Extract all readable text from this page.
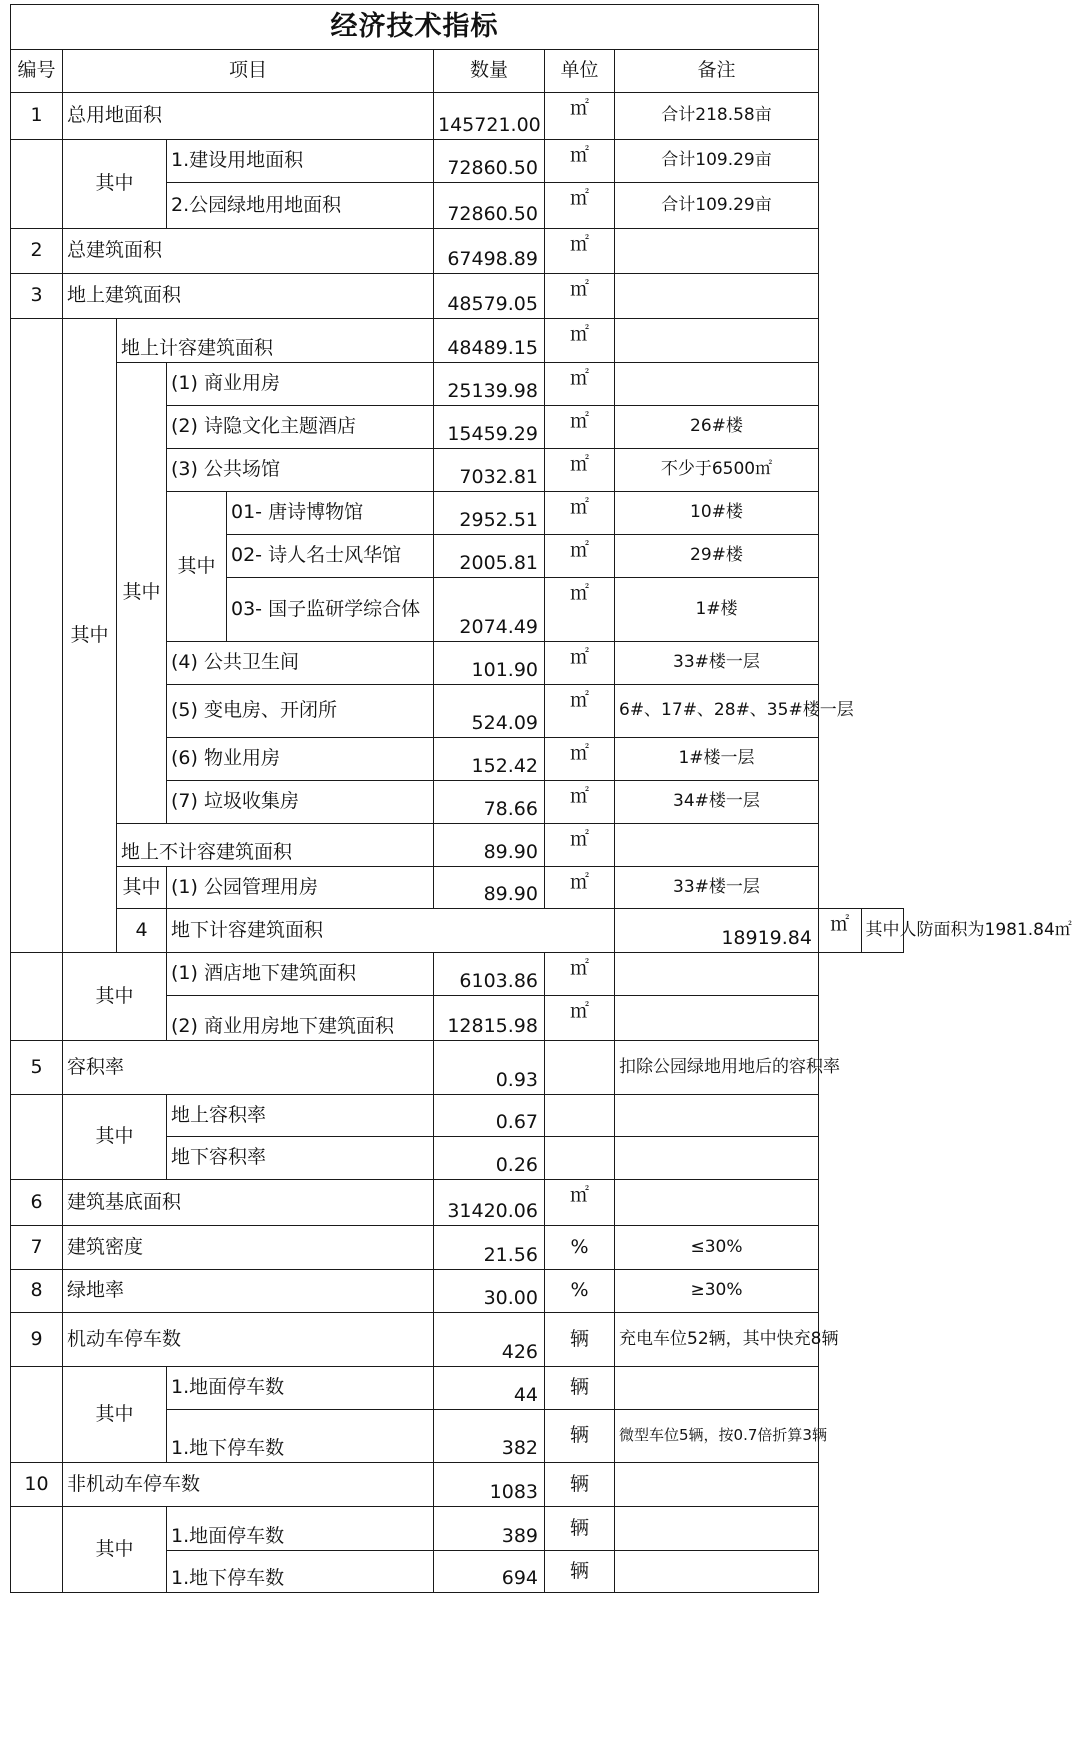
经济技术指标									
编号	项目				数量	单位	备注		
1	总用地面积				145721.00	㎡	合计218.58亩		
	其中		1.建设用地面积		72860.50	㎡	合计109.29亩		
			2.公园绿地用地面积		72860.50	㎡	合计109.29亩		
2	总建筑面积				67498.89	㎡			
3	地上建筑面积				48579.05	㎡			
	其中	地上计容建筑面积			48489.15	㎡			
		其中	(1) 商业用房		25139.98	㎡			
			(2) 诗隐文化主题酒店		15459.29	㎡	26#楼		
			(3) 公共场馆		7032.81	㎡	不少于6500㎡		
			其中	01- 唐诗博物馆	2952.51	㎡	10#楼		
				02- 诗人名士风华馆	2005.81	㎡	29#楼		
				03- 国子监研学综合体	2074.49	㎡	1#楼		
			(4) 公共卫生间		101.90	㎡	33#楼一层		
			(5) 变电房、开闭所		524.09	㎡	6#、17#、28#、35#楼一层		
			(6) 物业用房		152.42	㎡	1#楼一层		
			(7) 垃圾收集房		78.66	㎡	34#楼一层		
		地上不计容建筑面积			89.90	㎡			
		其中	(1) 公园管理用房		89.90	㎡	33#楼一层		
		4	地下计容建筑面积				18919.84	㎡	其中人防面积为1981.84㎡
	其中		(1) 酒店地下建筑面积		6103.86	㎡			
			(2) 商业用房地下建筑面积		12815.98	㎡			
5	容积率				0.93		扣除公园绿地用地后的容积率		
	其中		地上容积率		0.67				
			地下容积率		0.26				
6	建筑基底面积				31420.06	㎡			
7	建筑密度				21.56	%	≤30%		
8	绿地率				30.00	%	≥30%		
9	机动车停车数				426	辆	充电车位52辆，其中快充8辆		
	其中		1.地面停车数		44	辆			
			1.地下停车数		382	辆	微型车位5辆，按0.7倍折算3辆		
10	非机动车停车数				1083	辆			
	其中		1.地面停车数		389	辆			
			1.地下停车数		694	辆			
